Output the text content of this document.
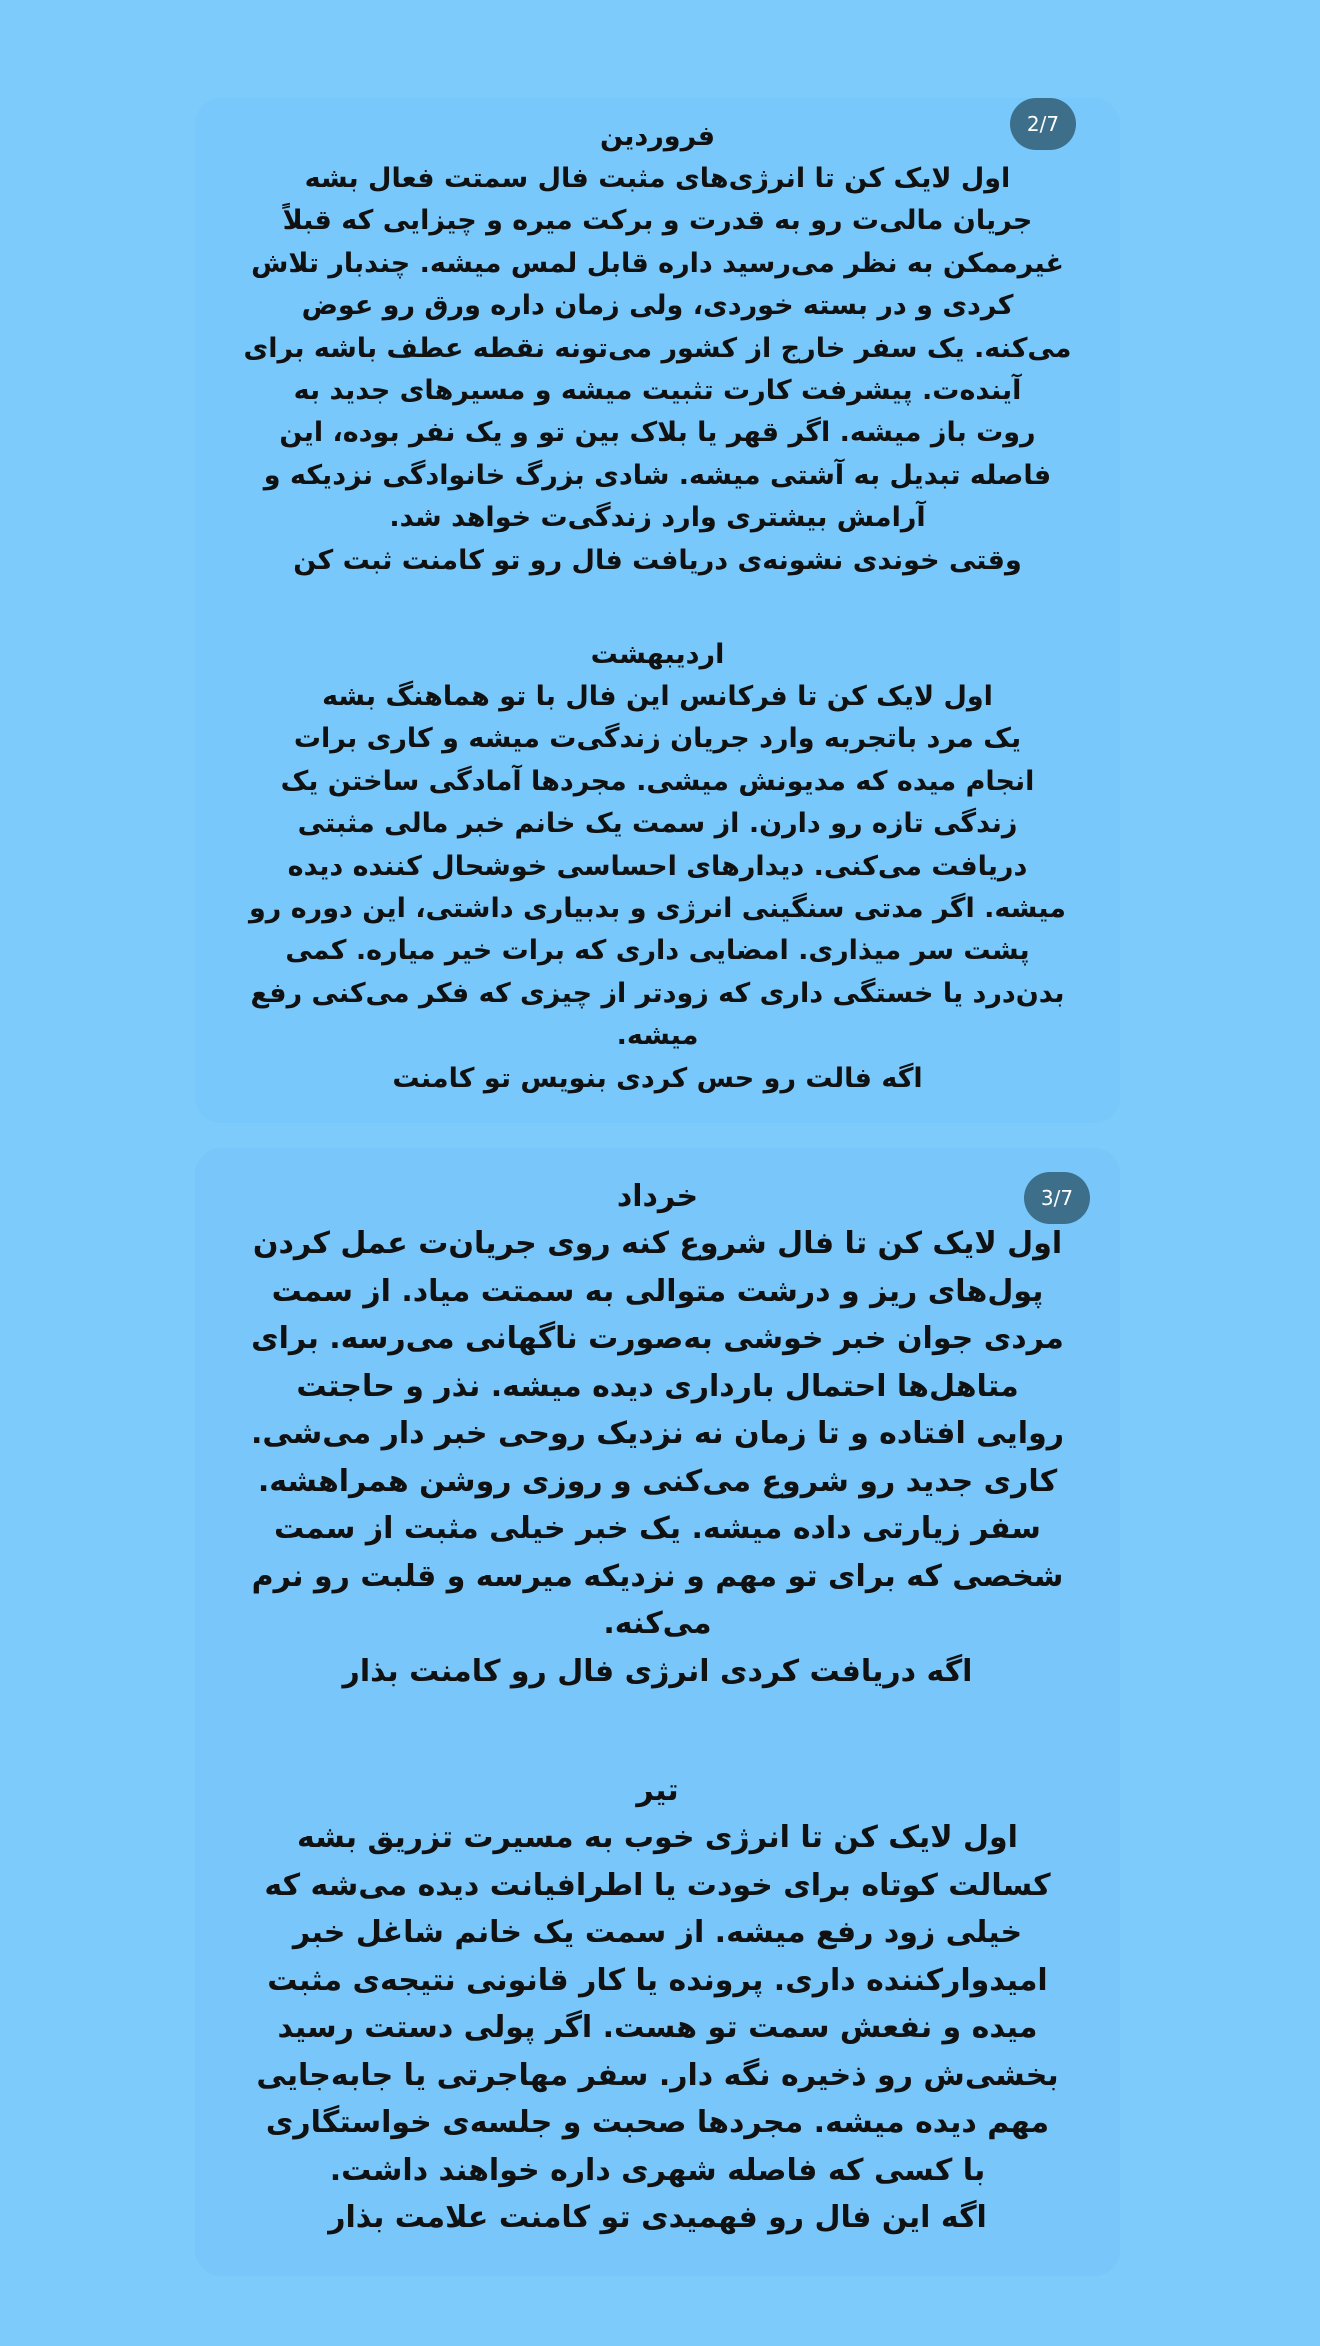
2/7

فروردین

اول لایک کن تا انرژی‌های مثبت فال سمتت فعال بشه

جریان مالی‌ت رو به قدرت و برکت میره و چیزایی که قبلاً

غیرممکن به نظر می‌رسید داره قابل لمس میشه. چندبار تلاش

کردی و در بسته خوردی، ولی زمان داره ورق رو عوض

می‌کنه. یک سفر خارج از کشور می‌تونه نقطه عطف باشه برای

آینده‌ت. پیشرفت کارت تثبیت میشه و مسیرهای جدید به

روت باز میشه. اگر قهر یا بلاک بین تو و یک نفر بوده، این

فاصله تبدیل به آشتی میشه. شادی بزرگ خانوادگی نزدیکه و

آرامش بیشتری وارد زندگی‌ت خواهد شد.

وقتی خوندی نشونه‌ی دریافت فال رو تو کامنت ثبت کن

اردیبهشت

اول لایک کن تا فرکانس این فال با تو هماهنگ بشه

یک مرد باتجربه وارد جریان زندگی‌ت میشه و کاری برات

انجام میده که مدیونش میشی. مجردها آمادگی ساختن یک

زندگی تازه رو دارن. از سمت یک خانم خبر مالی مثبتی

دریافت می‌کنی. دیدارهای احساسی خوشحال کننده دیده

میشه. اگر مدتی سنگینی انرژی و بدبیاری داشتی، این دوره رو

پشت سر میذاری. امضایی داری که برات خیر میاره. کمی

بدن‌درد یا خستگی داری که زودتر از چیزی که فکر می‌کنی رفع

میشه.

اگه فالت رو حس کردی بنویس تو کامنت

3/7

خرداد

اول لایک کن تا فال شروع کنه روی جریان‌ت عمل کردن

پول‌های ریز و درشت متوالی به سمتت میاد. از سمت

مردی جوان خبر خوشی به‌صورت ناگهانی می‌رسه. برای

متاهل‌ها احتمال بارداری دیده میشه. نذر و حاجتت

روایی افتاده و تا زمان نه نزدیک روحی خبر دار می‌شی.

کاری جدید رو شروع می‌کنی و روزی روشن همراهشه.

سفر زیارتی داده میشه. یک خبر خیلی مثبت از سمت

شخصی که برای تو مهم و نزدیکه میرسه و قلبت رو نرم

می‌کنه.

اگه دریافت کردی انرژی فال رو کامنت بذار

تیر

اول لایک کن تا انرژی خوب به مسیرت تزریق بشه

کسالت کوتاه برای خودت یا اطرافیانت دیده می‌شه که

خیلی زود رفع میشه. از سمت یک خانم شاغل خبر

امیدوارکننده داری. پرونده یا کار قانونی نتیجه‌ی مثبت

میده و نفعش سمت تو هست. اگر پولی دستت رسید

بخشی‌ش رو ذخیره نگه دار. سفر مهاجرتی یا جابه‌جایی

مهم دیده میشه. مجردها صحبت و جلسه‌ی خواستگاری

با کسی که فاصله شهری داره خواهند داشت.

اگه این فال رو فهمیدی تو کامنت علامت بذار
